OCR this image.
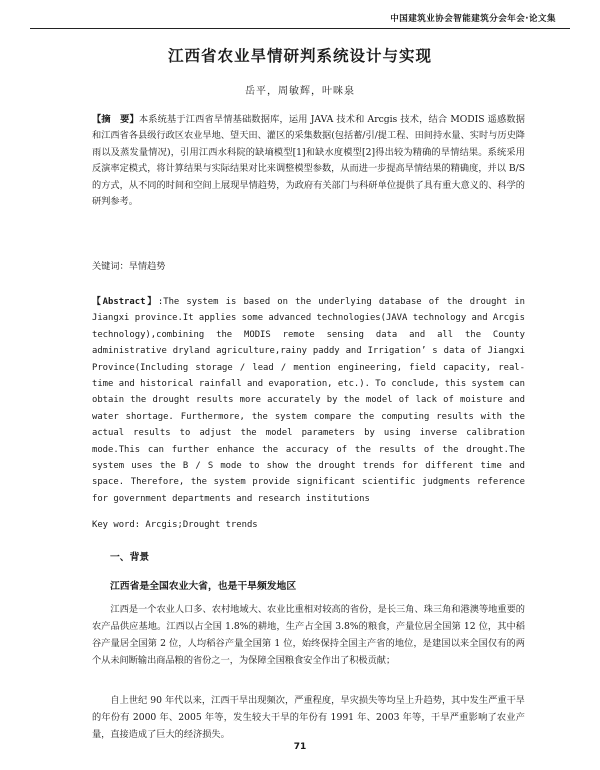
中国建筑业协会智能建筑分会年会·论文集
江西省农业旱情研判系统设计与实现
岳平，周敏辉，叶咪泉
【摘　要】本系统基于江西省旱情基础数据库，运用 JAVA 技术和 Arcgis 技术，结合 MODIS 遥感数据和江西省各县级行政区农业旱地、望天田、灌区的采集数据(包括蓄/引/提工程、田间持水量、实时与历史降雨以及蒸发量情况)，引用江西水科院的缺墒模型[1]和缺水度模型[2]得出较为精确的旱情结果。系统采用反演率定模式，将计算结果与实际结果对比来调整模型参数，从而进一步提高旱情结果的精确度，并以 B/S 的方式，从不同的时间和空间上展现旱情趋势，为政府有关部门与科研单位提供了具有重大意义的、科学的研判参考。
关键词：旱情趋势
【Abstract】:The system is based on the underlying database of the drought in Jiangxi province.It applies some advanced technologies(JAVA technology and Arcgis technology),combining the MODIS remote sensing data and all the County administrative dryland agriculture,rainy paddy and Irrigation’ s data of Jiangxi Province(Including storage / lead / mention engineering, field capacity, real-time and historical rainfall and evaporation, etc.). To conclude, this system can obtain the drought results more accurately by the model of lack of moisture and water shortage. Furthermore, the system compare the computing results with the actual results to adjust the model parameters by using inverse calibration mode.This can further enhance the accuracy of the results of the drought.The system uses the B / S mode to show the drought trends for different time and space. Therefore, the system provide significant scientific judgments reference for government departments and research institutions
Key word: Arcgis;Drought trends
一、背景
江西省是全国农业大省，也是干旱频发地区
江西是一个农业人口多、农村地域大、农业比重相对较高的省份，是长三角、珠三角和港澳等地重要的农产品供应基地。江西以占全国 1.8%的耕地，生产占全国 3.8%的粮食，产量位居全国第 12 位，其中稻谷产量居全国第 2 位，人均稻谷产量全国第 1 位，始终保持全国主产省的地位，是建国以来全国仅有的两个从未间断输出商品粮的省份之一，为保障全国粮食安全作出了积极贡献；
自上世纪 90 年代以来，江西干旱出现频次，严重程度，旱灾损失等均呈上升趋势，其中发生严重干旱的年份有 2000 年、2005 年等，发生较大干旱的年份有 1991 年、2003 年等，干旱严重影响了农业产量，直接造成了巨大的经济损失。
71
